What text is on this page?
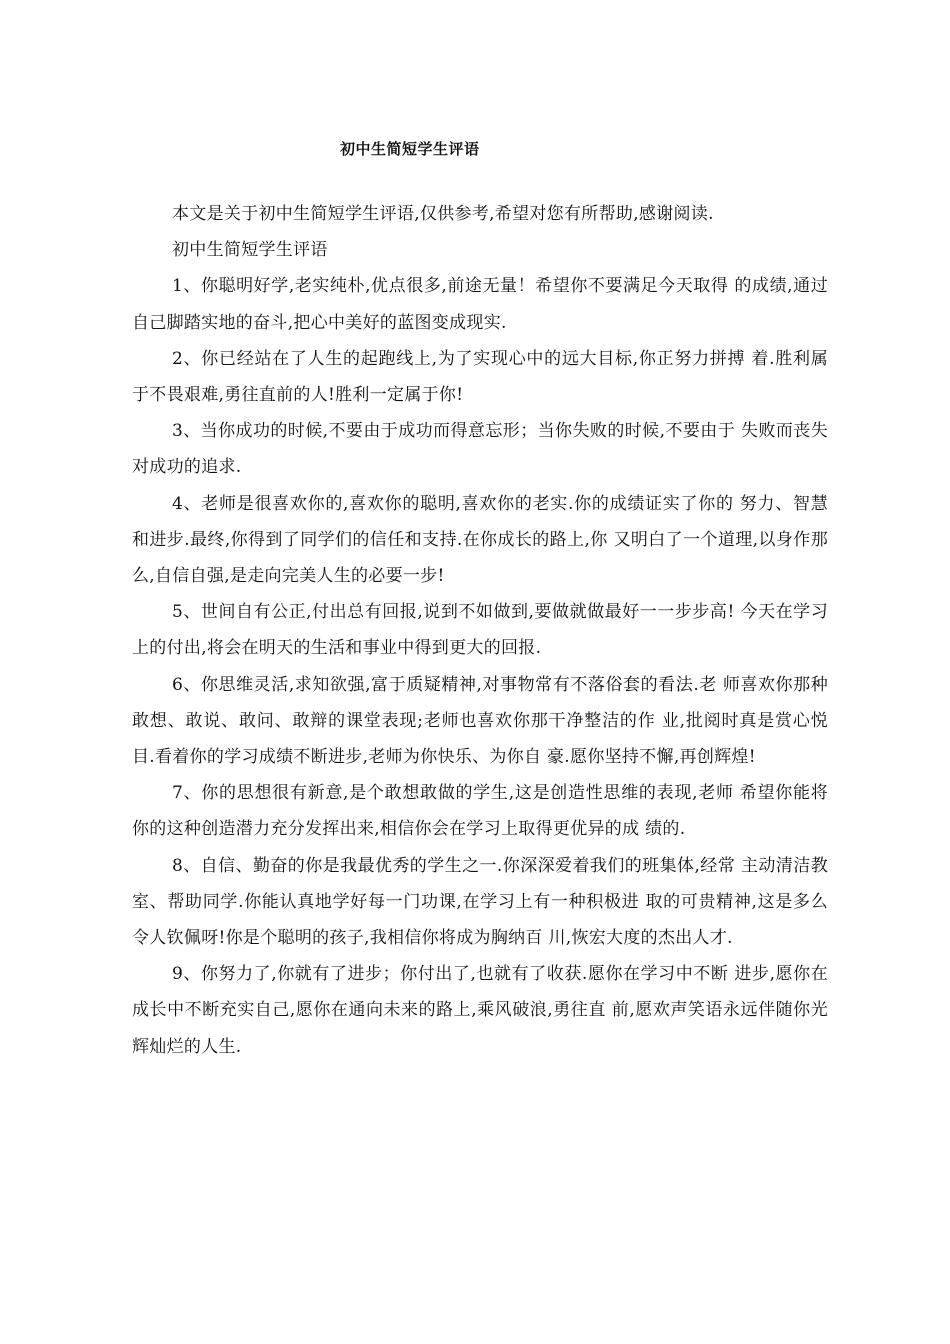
初中生简短学生评语

本文是关于初中生简短学生评语,仅供参考,希望对您有所帮助,感谢阅读.

初中生简短学生评语

1、你聪明好学,老实纯朴,优点很多,前途无量！希望你不要满足今天取得 的成绩,通过自己脚踏实地的奋斗,把心中美好的蓝图变成现实.

2、你已经站在了人生的起跑线上,为了实现心中的远大目标,你正努力拼搏 着.胜利属于不畏艰难,勇往直前的人!胜利一定属于你!

3、当你成功的时候,不要由于成功而得意忘形；当你失败的时候,不要由于 失败而丧失对成功的追求.

4、老师是很喜欢你的,喜欢你的聪明,喜欢你的老实.你的成绩证实了你的 努力、智慧和进步.最终,你得到了同学们的信任和支持.在你成长的路上,你 又明白了一个道理,以身作那么,自信自强,是走向完美人生的必要一步!

5、世间自有公正,付出总有回报,说到不如做到,要做就做最好一一步步高! 今天在学习上的付出,将会在明天的生活和事业中得到更大的回报.

6、你思维灵活,求知欲强,富于质疑精神,对事物常有不落俗套的看法.老 师喜欢你那种敢想、敢说、敢问、敢辩的课堂表现;老师也喜欢你那干净整洁的作 业,批阅时真是赏心悦目.看着你的学习成绩不断进步,老师为你快乐、为你自 豪.愿你坚持不懈,再创辉煌!

7、你的思想很有新意,是个敢想敢做的学生,这是创造性思维的表现,老师 希望你能将你的这种创造潜力充分发挥出来,相信你会在学习上取得更优异的成 绩的.

8、自信、勤奋的你是我最优秀的学生之一.你深深爱着我们的班集体,经常 主动清洁教室、帮助同学.你能认真地学好每一门功课,在学习上有一种积极进 取的可贵精神,这是多么令人钦佩呀!你是个聪明的孩子,我相信你将成为胸纳百 川,恢宏大度的杰出人才.

9、你努力了,你就有了进步；你付出了,也就有了收获.愿你在学习中不断 进步,愿你在成长中不断充实自己,愿你在通向未来的路上,乘风破浪,勇往直 前,愿欢声笑语永远伴随你光辉灿烂的人生.
